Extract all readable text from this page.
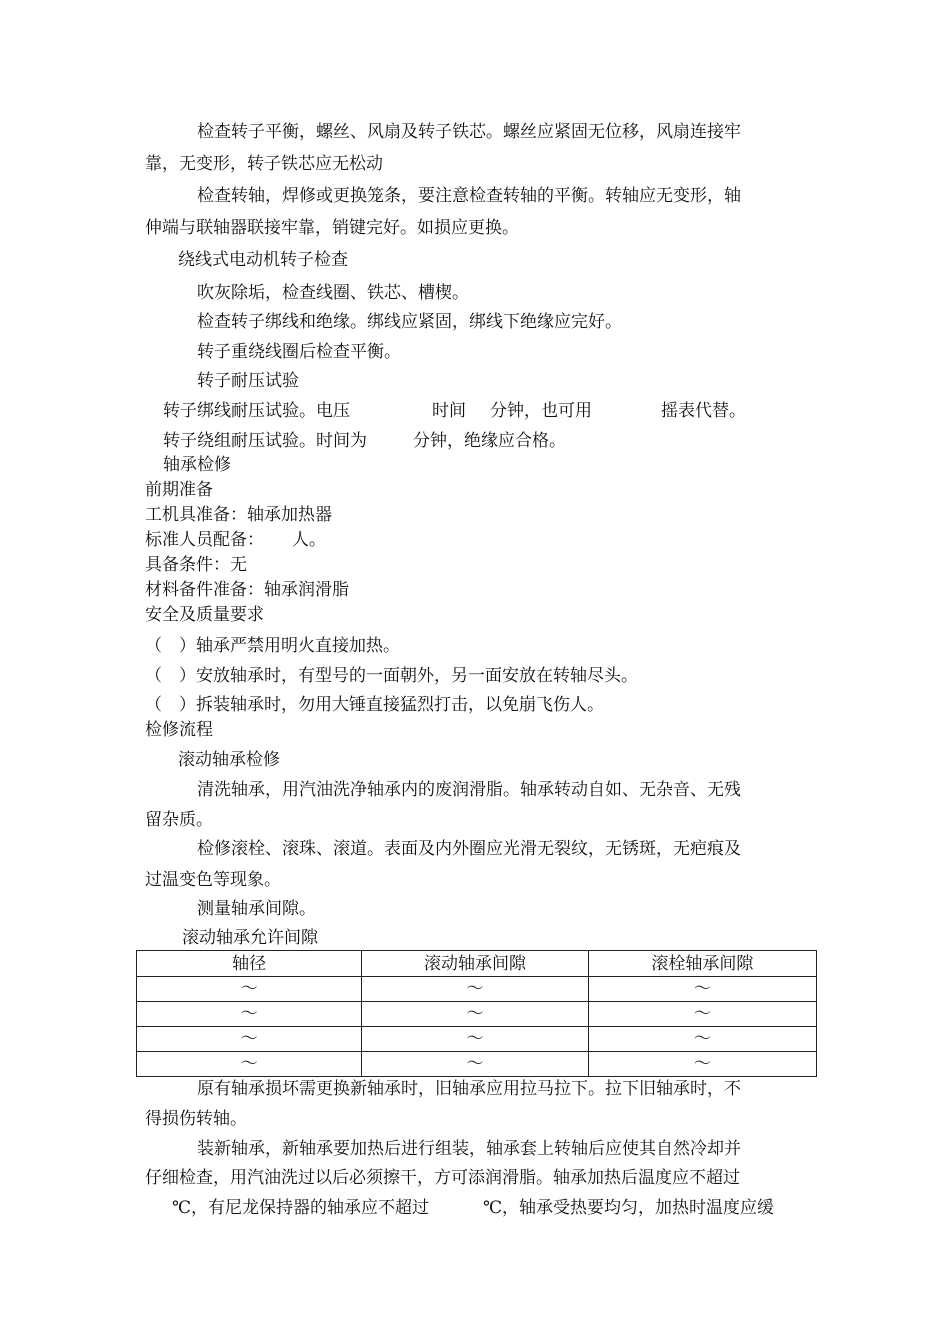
检查转子平衡，螺丝、风扇及转子铁芯。螺丝应紧固无位移，风扇连接牢
靠，无变形，转子铁芯应无松动
检查转轴，焊修或更换笼条，要注意检查转轴的平衡。转轴应无变形，轴
伸端与联轴器联接牢靠，销键完好。如损应更换。
绕线式电动机转子检查
吹灰除垢，检查线圈、铁芯、槽楔。
检查转子绑线和绝缘。绑线应紧固，绑线下绝缘应完好。
转子重绕线圈后检查平衡。
转子耐压试验
转子绑线耐压试验。电压	时间 分钟，也可用	摇表代替。
转子绕组耐压试验。时间为	分钟，绝缘应合格。
轴承检修
前期准备
工机具准备：轴承加热器
标准人员配备： 人。
具备条件：无
材料备件准备：轴承润滑脂
安全及质量要求
（　）轴承严禁用明火直接加热。
（　）安放轴承时，有型号的一面朝外，另一面安放在转轴尽头。
（　）拆装轴承时，勿用大锤直接猛烈打击，以免崩飞伤人。
检修流程
滚动轴承检修
清洗轴承，用汽油洗净轴承内的废润滑脂。轴承转动自如、无杂音、无残
留杂质。
检修滚栓、滚珠、滚道。表面及内外圈应光滑无裂纹，无锈斑，无疤痕及
过温变色等现象。
测量轴承间隙。
滚动轴承允许间隙
轴径	滚动轴承间隙	滚栓轴承间隙
～	～	～
～	～	～
～	～	～
～	～	～
原有轴承损坏需更换新轴承时，旧轴承应用拉马拉下。拉下旧轴承时，不
得损伤转轴。
装新轴承，新轴承要加热后进行组装，轴承套上转轴后应使其自然冷却并
仔细检查，用汽油洗过以后必须擦干，方可添润滑脂。轴承加热后温度应不超过
℃，有尼龙保持器的轴承应不超过	℃，轴承受热要均匀，加热时温度应缓
